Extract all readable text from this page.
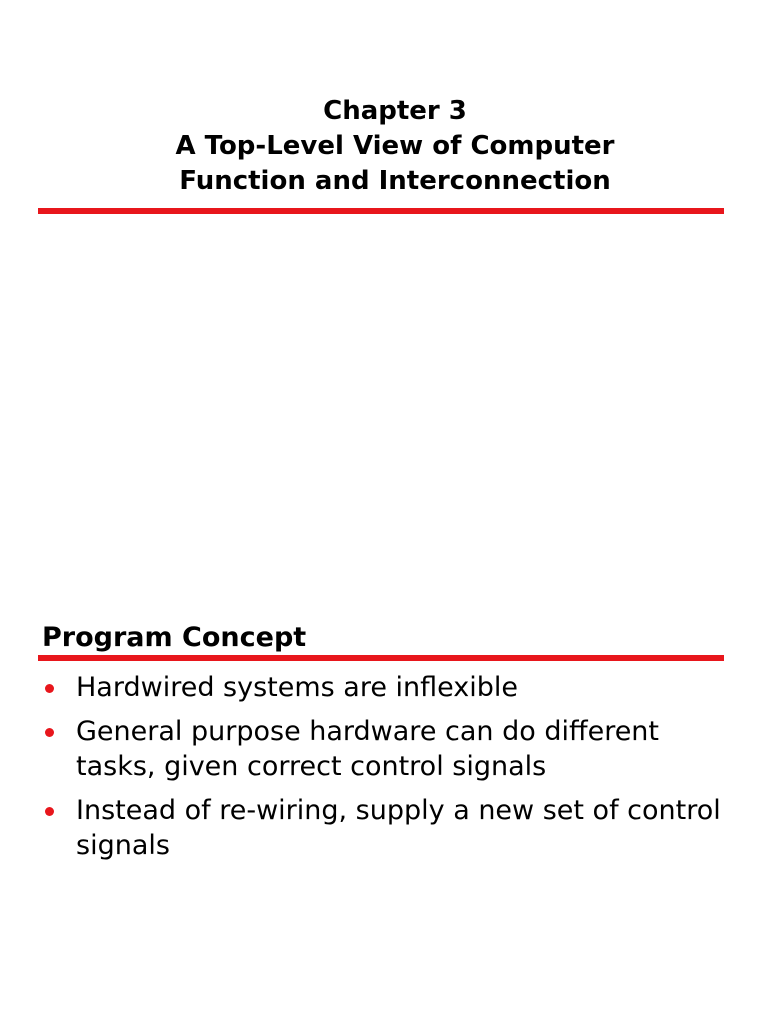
Chapter 3
A Top-Level View of Computer
Function and Interconnection
Program Concept
Hardwired systems are inflexible
General purpose hardware can do different tasks, given correct control signals
Instead of re-wiring, supply a new set of control signals
